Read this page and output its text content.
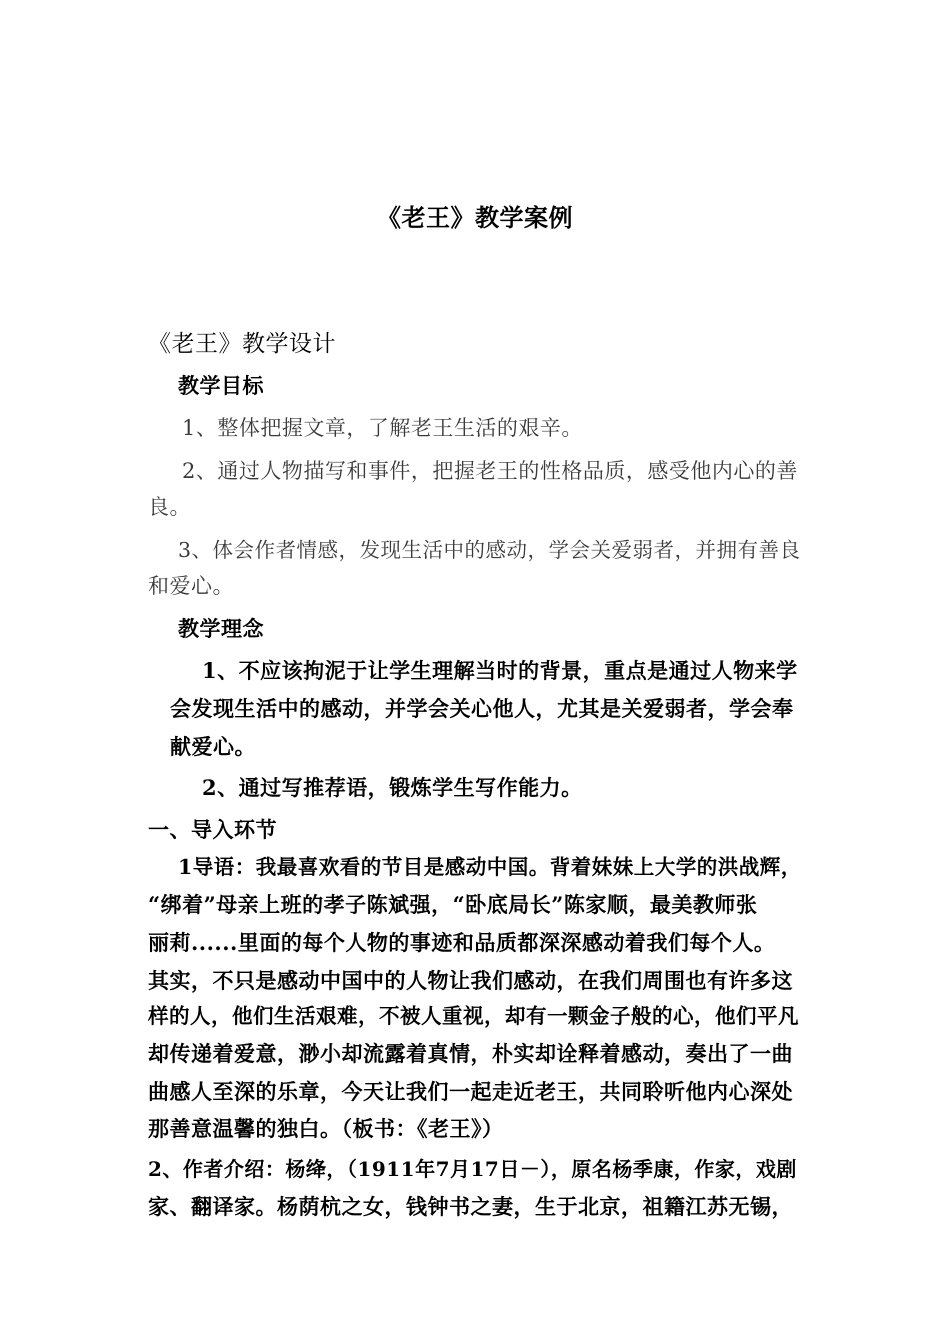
《老王》教学案例
《老王》教学设计
教学目标
1、整体把握文章，了解老王生活的艰辛。
2、通过人物描写和事件，把握老王的性格品质，感受他内心的善
良。
3、体会作者情感，发现生活中的感动，学会关爱弱者，并拥有善良
和爱心。
教学理念
1、不应该拘泥于让学生理解当时的背景，重点是通过人物来学
会发现生活中的感动，并学会关心他人，尤其是关爱弱者，学会奉
献爱心。
2、通过写推荐语，锻炼学生写作能力。
一、导入环节
1导语：我最喜欢看的节目是感动中国。背着妹妹上大学的洪战辉，
“绑着”母亲上班的孝子陈斌强，“卧底局长”陈家顺，最美教师张
丽莉......里面的每个人物的事迹和品质都深深感动着我们每个人。
其实，不只是感动中国中的人物让我们感动，在我们周围也有许多这
样的人，他们生活艰难，不被人重视，却有一颗金子般的心，他们平凡
却传递着爱意，渺小却流露着真情，朴实却诠释着感动，奏出了一曲
曲感人至深的乐章，今天让我们一起走近老王，共同聆听他内心深处
那善意温馨的独白。（板书：《老王》）
2、作者介绍：杨绛，（1911年7月17日－），原名杨季康，作家，戏剧
家、翻译家。杨荫杭之女，钱钟书之妻，生于北京，祖籍江苏无锡，
